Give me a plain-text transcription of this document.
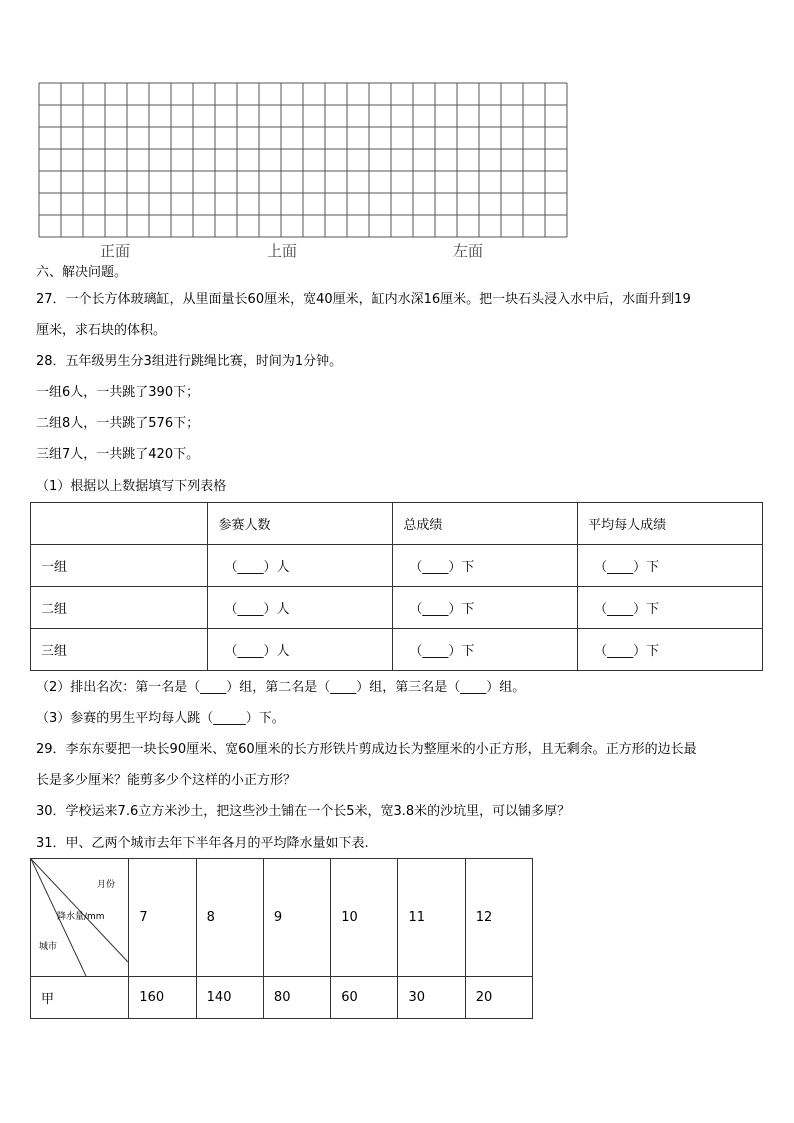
正面	上面	左面
六、解决问题。
27．一个长方体玻璃缸，从里面量长60厘米，宽40厘米，缸内水深16厘米。把一块石头浸入水中后，水面升到19
厘米，求石块的体积。
28．五年级男生分3组进行跳绳比赛，时间为1分钟。
一组6人，一共跳了390下；
二组8人，一共跳了576下；
三组7人，一共跳了420下。
（1）根据以上数据填写下列表格
	参赛人数	总成绩	平均每人成绩
一组	（____）人	（____）下	（____）下
二组	（____）人	（____）下	（____）下
三组	（____）人	（____）下	（____）下
（2）排出名次：第一名是（____）组，第二名是（____）组，第三名是（____）组。
（3）参赛的男生平均每人跳（_____）下。
29．李东东要把一块长90厘米、宽60厘米的长方形铁片剪成边长为整厘米的小正方形，且无剩余。正方形的边长最
长是多少厘米？能剪多少个这样的小正方形？
30．学校运来7.6立方米沙土，把这些沙土铺在一个长5米，宽3.8米的沙坑里，可以铺多厚？
31．甲、乙两个城市去年下半年各月的平均降水量如下表.
月份
降水量/mm
城市	7	8	9	10	11	12
甲	160	140	80	60	30	20
